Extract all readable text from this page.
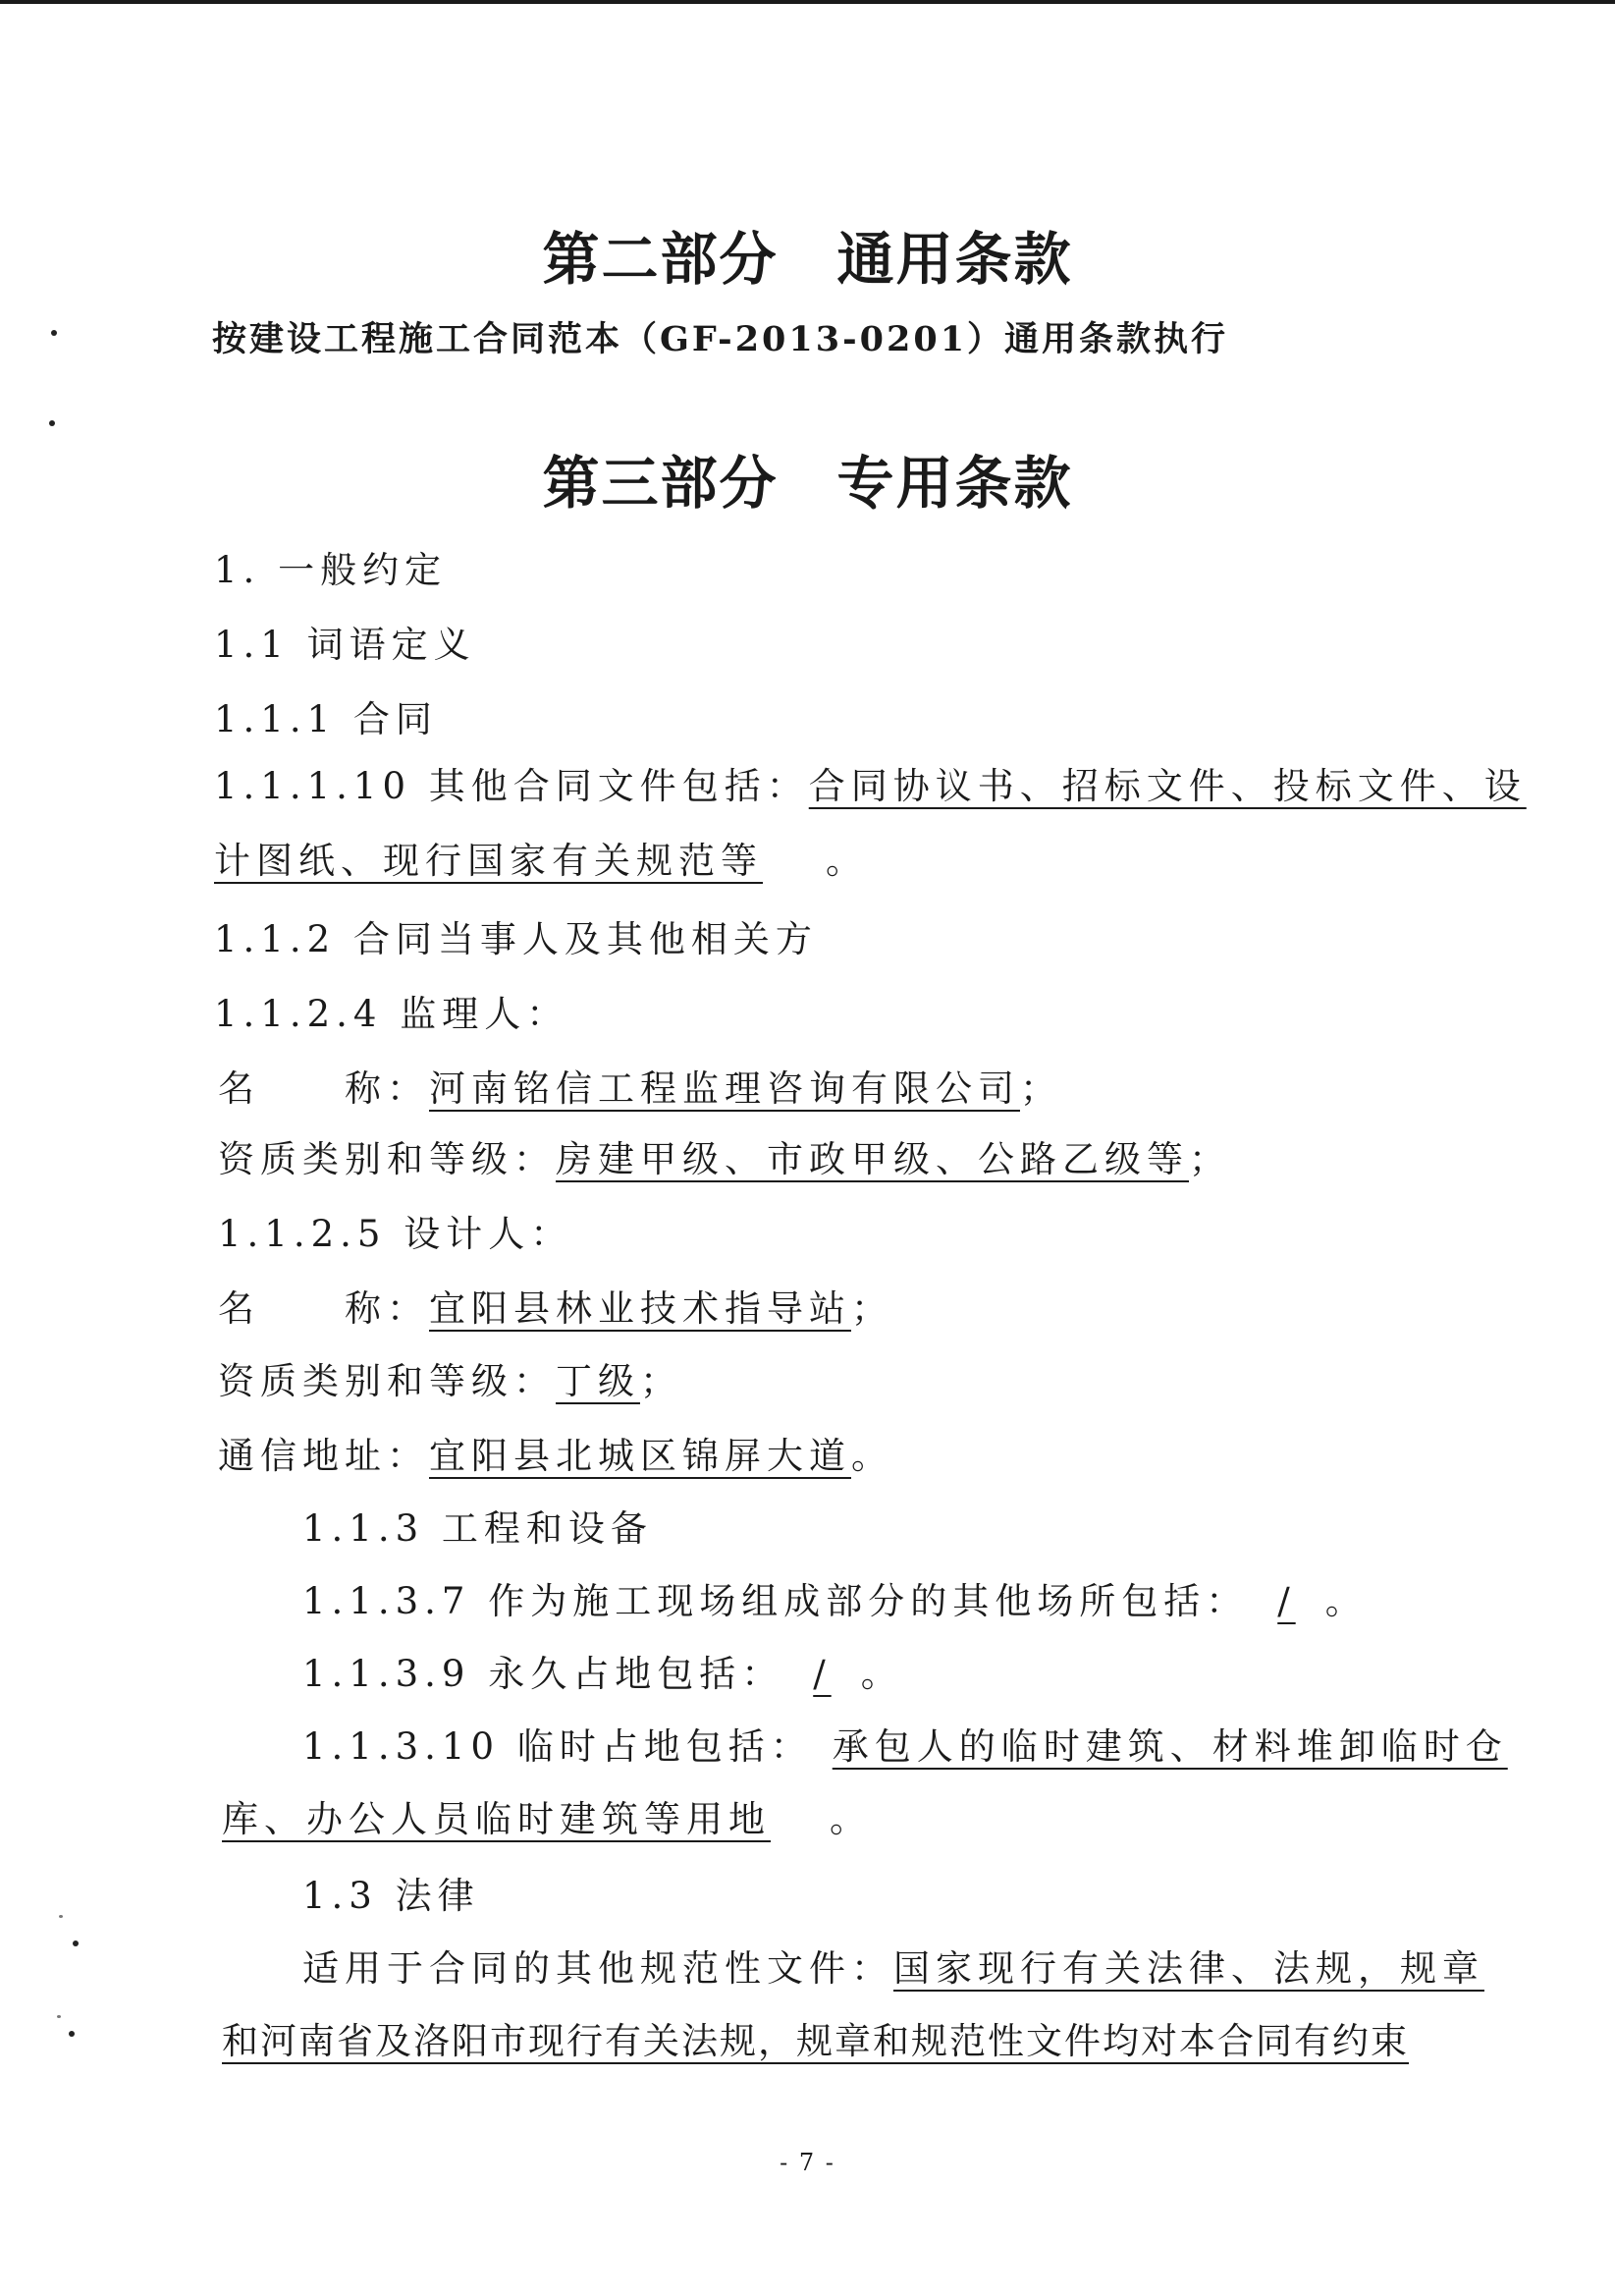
第二部分 通用条款
按建设工程施工合同范本（GF-2013-0201）通用条款执行
第三部分 专用条款
1. 一般约定
1.1 词语定义
1.1.1 合同
1.1.1.10 其他合同文件包括：合同协议书、招标文件、投标文件、设
计图纸、现行国家有关规范等 。
1.1.2 合同当事人及其他相关方
1.1.2.4 监理人：
名　　称：河南铭信工程监理咨询有限公司；
资质类别和等级：房建甲级、市政甲级、公路乙级等；
1.1.2.5 设计人：
名　　称：宜阳县林业技术指导站；
资质类别和等级：丁级；
通信地址：宜阳县北城区锦屏大道。
1.1.3 工程和设备
1.1.3.7 作为施工现场组成部分的其他场所包括： / 。
1.1.3.9 永久占地包括： / 。
1.1.3.10 临时占地包括： 承包人的临时建筑、材料堆卸临时仓
库、办公人员临时建筑等用地 。
1.3 法律
适用于合同的其他规范性文件：国家现行有关法律、法规，规章
和河南省及洛阳市现行有关法规，规章和规范性文件均对本合同有约束
- 7 -
